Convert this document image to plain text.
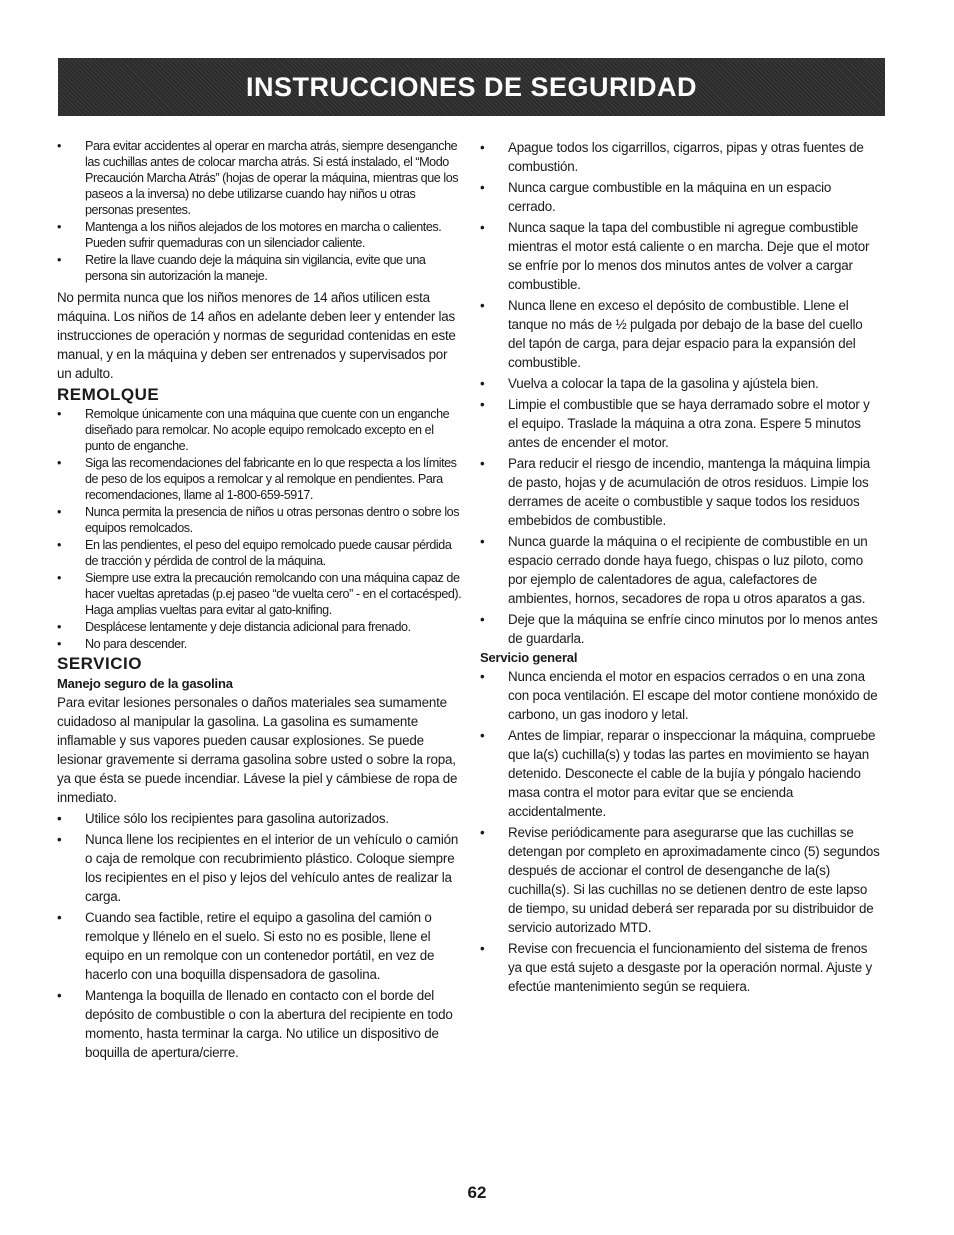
INSTRUCCIONES DE SEGURIDAD
• Para evitar accidentes al operar en marcha atrás, siempre desenganche las cuchillas antes de colocar marcha atrás. Si está instalado, el “Modo Precaución Marcha Atrás” (hojas de operar la máquina, mientras que los paseos a la inversa) no debe utilizarse cuando hay niños u otras personas presentes.
• Mantenga a los niños alejados de los motores en marcha o calientes. Pueden sufrir quemaduras con un silenciador caliente.
• Retire la llave cuando deje la máquina sin vigilancia, evite que una persona sin autorización la maneje.

No permita nunca que los niños menores de 14 años utilicen esta máquina. Los niños de 14 años en adelante deben leer y entender las instrucciones de operación y normas de seguridad contenidas en este manual, y en la máquina y deben ser entrenados y supervisados por un adulto.

REMOLQUE
• Remolque únicamente con una máquina que cuente con un enganche diseñado para remolcar. No acople equipo remolcado excepto en el punto de enganche.
• Siga las recomendaciones del fabricante en lo que respecta a los límites de peso de los equipos a remolcar y al remolque en pendientes. Para recomendaciones, llame al 1-800-659-5917.
• Nunca permita la presencia de niños u otras personas dentro o sobre los equipos remolcados.
• En las pendientes, el peso del equipo remolcado puede causar pérdida de tracción y pérdida de control de la máquina.
• Siempre use extra la precaución remolcando con una máquina capaz de hacer vueltas apretadas (p.ej paseo “de vuelta cero” - en el cortacésped). Haga amplias vueltas para evitar al gato-knifing.
• Desplácese lentamente y deje distancia adicional para frenado.
• No para descender.
SERVICIO
Manejo seguro de la gasolina

Para evitar lesiones personales o daños materiales sea sumamente cuidadoso al manipular la gasolina. La gasolina es sumamente inflamable y sus vapores pueden causar explosiones. Se puede lesionar gravemente si derrama gasolina sobre usted o sobre la ropa, ya que ésta se puede incendiar. Lávese la piel y cámbiese de ropa de inmediato.

• Utilice sólo los recipientes para gasolina autorizados.
• Nunca llene los recipientes en el interior de un vehículo o camión o caja de remolque con recubrimiento plástico. Coloque siempre los recipientes en el piso y lejos del vehículo antes de realizar la carga.
• Cuando sea factible, retire el equipo a gasolina del camión o remolque y llénelo en el suelo. Si esto no es posible, llene el equipo en un remolque con un contenedor portátil, en vez de hacerlo con una boquilla dispensadora de gasolina.
• Mantenga la boquilla de llenado en contacto con el borde del depósito de combustible o con la abertura del recipiente en todo momento, hasta terminar la carga. No utilice un dispositivo de boquilla de apertura/cierre.
• Apague todos los cigarrillos, cigarros, pipas y otras fuentes de combustión.
• Nunca cargue combustible en la máquina en un espacio cerrado.
• Nunca saque la tapa del combustible ni agregue combustible mientras el motor está caliente o en marcha. Deje que el motor se enfríe por lo menos dos minutos antes de volver a cargar combustible.
• Nunca llene en exceso el depósito de combustible. Llene el tanque no más de ½ pulgada por debajo de la base del cuello del tapón de carga, para dejar espacio para la expansión del combustible.
• Vuelva a colocar la tapa de la gasolina y ajústela bien.
• Limpie el combustible que se haya derramado sobre el motor y el equipo. Traslade la máquina a otra zona. Espere 5 minutos antes de encender el motor.
• Para reducir el riesgo de incendio, mantenga la máquina limpia de pasto, hojas y de acumulación de otros residuos. Limpie los derrames de aceite o combustible y saque todos los residuos embebidos de combustible.
• Nunca guarde la máquina o el recipiente de combustible en un espacio cerrado donde haya fuego, chispas o luz piloto, como por ejemplo de calentadores de agua, calefactores de ambientes, hornos, secadores de ropa u otros aparatos a gas.
• Deje que la máquina se enfríe cinco minutos por lo menos antes de guardarla.
Servicio general
• Nunca encienda el motor en espacios cerrados o en una zona con poca ventilación. El escape del motor contiene monóxido de carbono, un gas inodoro y letal.
• Antes de limpiar, reparar o inspeccionar la máquina, compruebe que la(s) cuchilla(s) y todas las partes en movimiento se hayan detenido. Desconecte el cable de la bujía y póngalo haciendo masa contra el motor para evitar que se encienda accidentalmente.
• Revise periódicamente para asegurarse que las cuchillas se detengan por completo en aproximadamente cinco (5) segundos después de accionar el control de desenganche de la(s) cuchilla(s). Si las cuchillas no se detienen dentro de este lapso de tiempo, su unidad deberá ser reparada por su distribuidor de servicio autorizado MTD.
• Revise con frecuencia el funcionamiento del sistema de frenos ya que está sujeto a desgaste por la operación normal. Ajuste y efectúe mantenimiento según se requiera.
62
